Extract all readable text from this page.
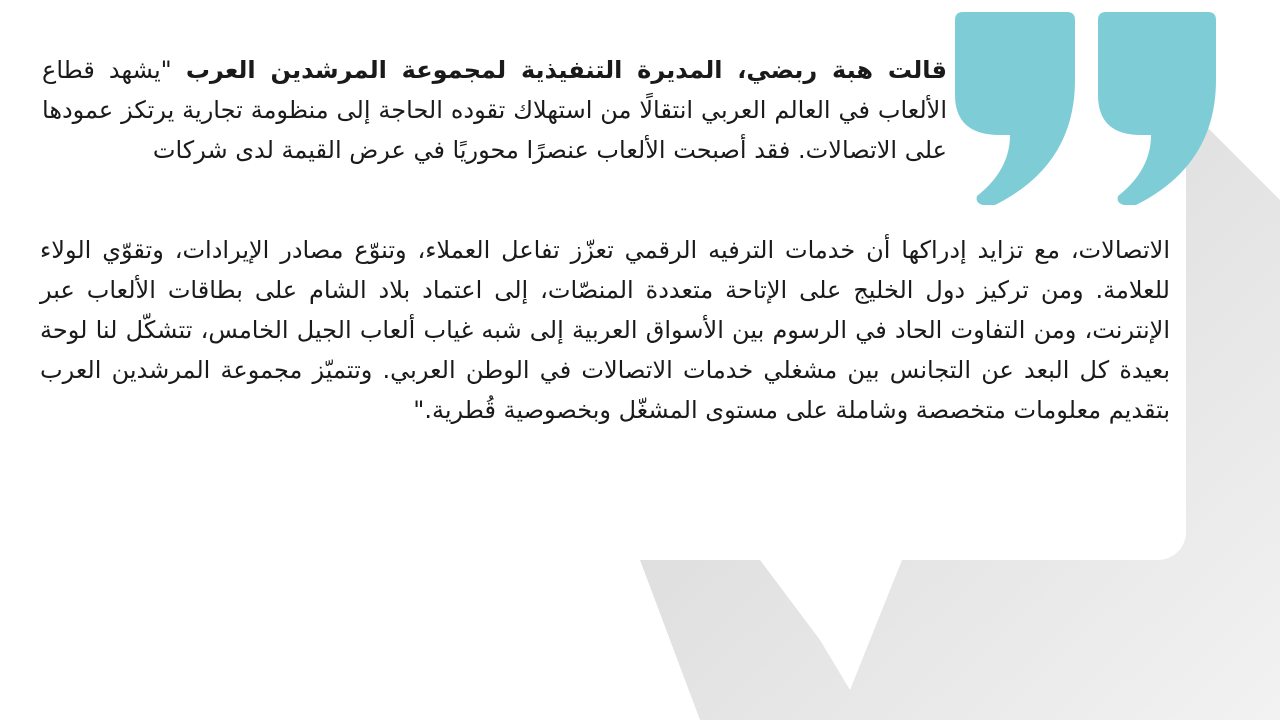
قالت هبة ربضي، المديرة التنفيذية لمجموعة المرشدين العرب "يشهد قطاع الألعاب في العالم العربي انتقالًا من استهلاك تقوده الحاجة إلى منظومة تجارية يرتكز عمودها على الاتصالات. فقد أصبحت الألعاب عنصرًا محوريًا في عرض القيمة لدى شركات

الاتصالات، مع تزايد إدراكها أن خدمات الترفيه الرقمي تعزّز تفاعل العملاء، وتنوّع مصادر الإيرادات، وتقوّي الولاء للعلامة. ومن تركيز دول الخليج على الإتاحة متعددة المنصّات، إلى اعتماد بلاد الشام على بطاقات الألعاب عبر الإنترنت، ومن التفاوت الحاد في الرسوم بين الأسواق العربية إلى شبه غياب ألعاب الجيل الخامس، تتشكّل لنا لوحة بعيدة كل البعد عن التجانس بين مشغلي خدمات الاتصالات في الوطن العربي. وتتميّز مجموعة المرشدين العرب بتقديم معلومات متخصصة وشاملة على مستوى المشغّل وبخصوصية قُطرية."
